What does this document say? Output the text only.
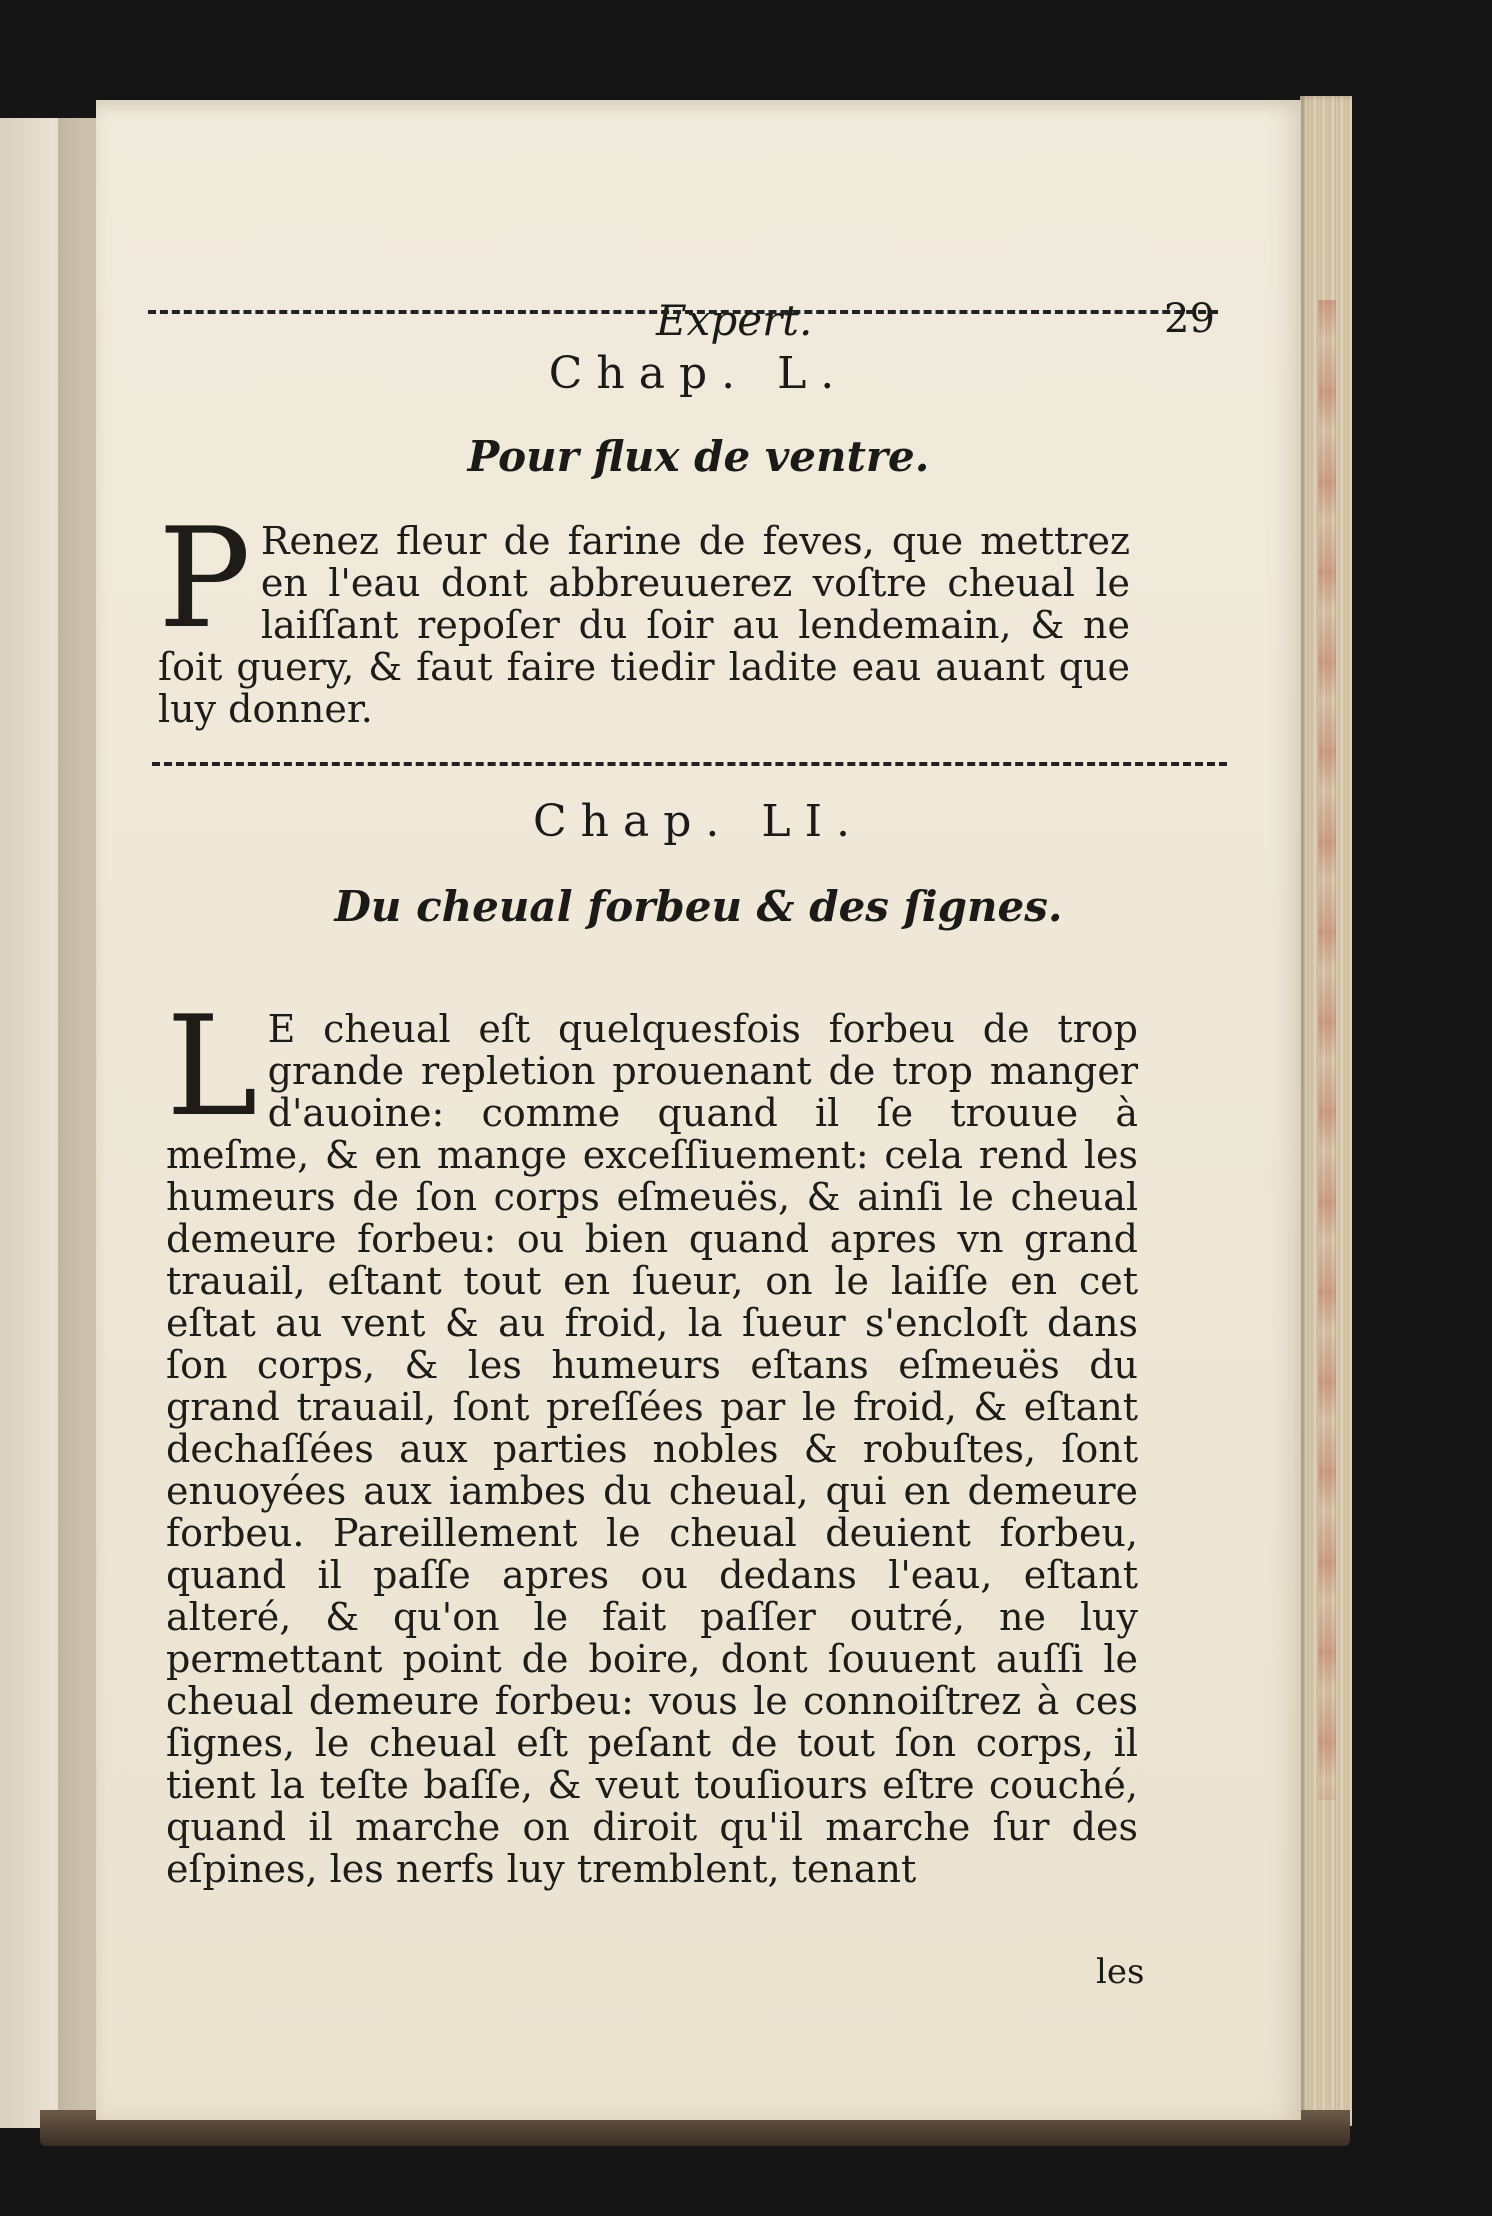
Expert.	29
Chap. L.
Pour flux de ventre.

P Renez fleur de farine de feves, que mettrez en l'eau dont abbreuuerez voſtre cheual le laiſſant repoſer du ſoir au lendemain, & ne ſoit guery, & faut faire tiedir ladite eau auant que luy donner.

Chap. LI.
Du cheual forbeu & des ſignes.

L E cheual eſt quelquesfois forbeu de trop grande repletion prouenant de trop manger d'auoine: comme quand il ſe trouue à meſme, & en mange exceſſiuement: cela rend les humeurs de ſon corps eſmeuës, & ainſi le cheual demeure forbeu: ou bien quand apres vn grand trauail, eſtant tout en ſueur, on le laiſſe en cet eſtat au vent & au froid, la ſueur s'encloſt dans ſon corps, & les humeurs eſtans eſmeuës du grand trauail, ſont preſſées par le froid, & eſtant dechaſſées aux parties nobles & robuſtes, ſont enuoyées aux iambes du cheual, qui en demeure forbeu. Pareillement le cheual deuient forbeu, quand il paſſe apres ou dedans l'eau, eſtant alteré, & qu'on le fait paſſer outré, ne luy permettant point de boire, dont ſouuent auſſi le cheual demeure forbeu: vous le connoiſtrez à ces ſignes, le cheual eſt peſant de tout ſon corps, il tient la teſte baſſe, & veut touſiours eſtre couché, quand il marche on diroit qu'il marche ſur des eſpines, les nerfs luy tremblent, tenant

les
